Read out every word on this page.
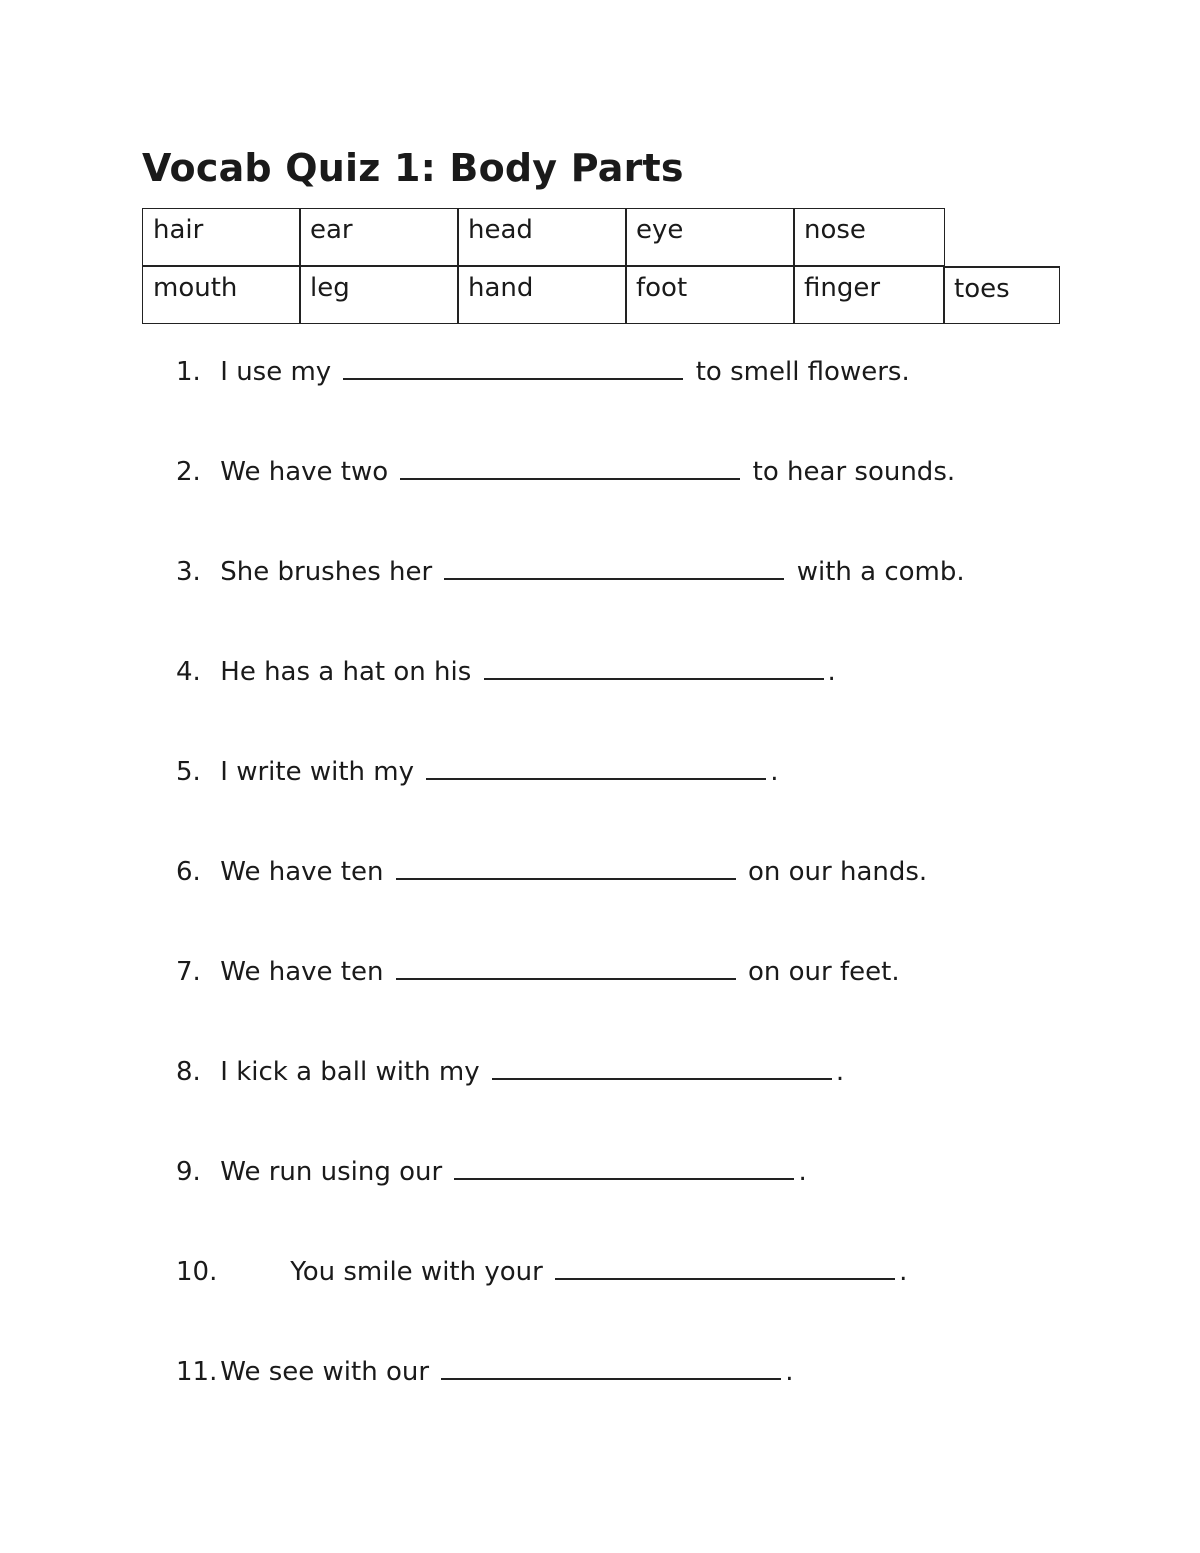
Vocab Quiz 1: Body Parts
hair	ear	head	eye	nose
mouth	leg	hand	foot	finger	toes
1. I use my	to smell flowers.
2. We have two	to hear sounds.
3. She brushes her	with a comb.
4. He has a hat on his	.
5. I write with my	.
6. We have ten	on our hands.
7. We have ten	on our feet.
8. I kick a ball with my	.
9. We run using our	.
10.	You smile with your	.
11. We see with our	.
